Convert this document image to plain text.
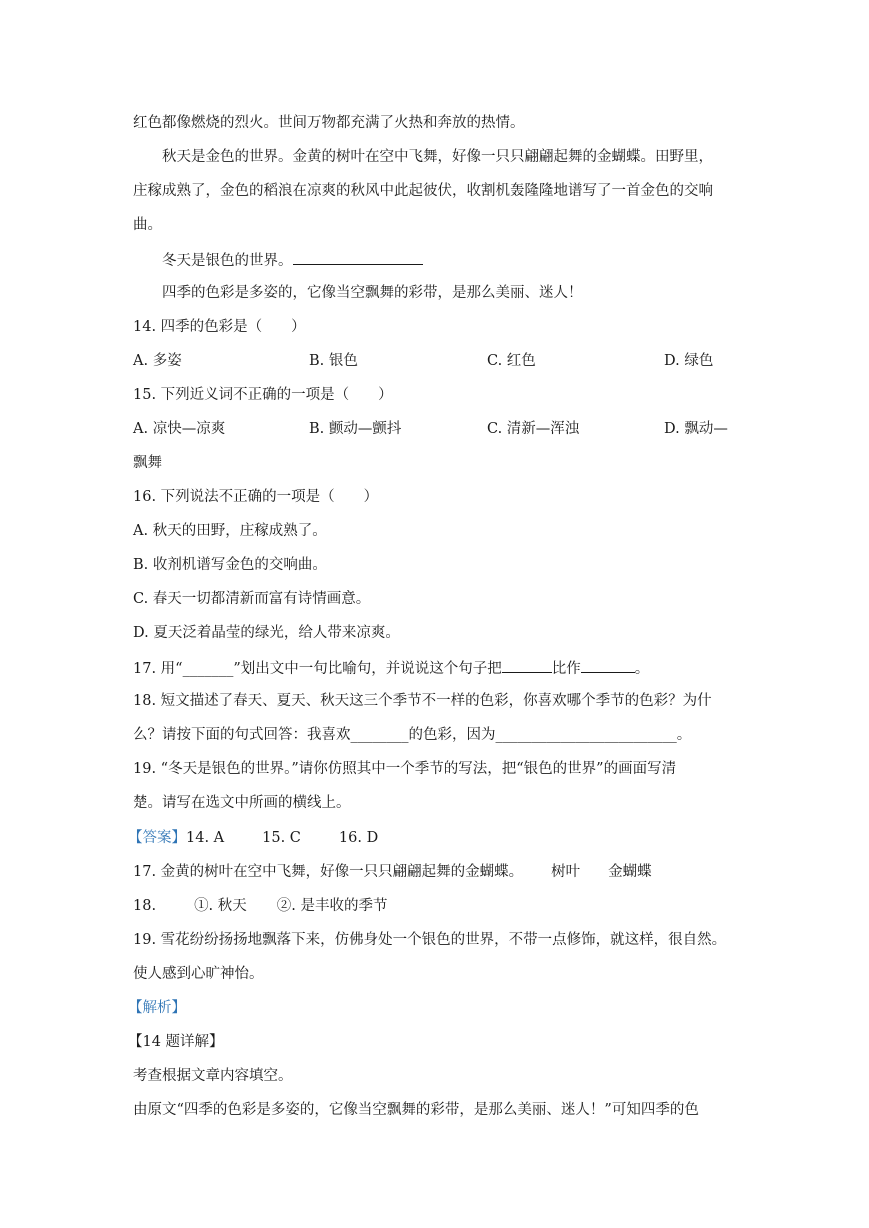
红色都像燃烧的烈火。世间万物都充满了火热和奔放的热情。
秋天是金色的世界。金黄的树叶在空中飞舞，好像一只只翩翩起舞的金蝴蝶。田野里，
庄稼成熟了，金色的稻浪在凉爽的秋风中此起彼伏，收割机轰隆隆地谱写了一首金色的交响
曲。
冬天是银色的世界。
四季的色彩是多姿的，它像当空飘舞的彩带，是那么美丽、迷人！
14. 四季的色彩是（　　）
A. 多姿	B. 银色	C. 红色	D. 绿色
15. 下列近义词不正确的一项是（　　）
A. 凉快—凉爽	B. 颤动—颤抖	C. 清新—浑浊	D. 飘动—
飘舞
16. 下列说法不正确的一项是（　　）
A. 秋天的田野，庄稼成熟了。
B. 收剂机谱写金色的交响曲。
C. 春天一切都清新而富有诗情画意。
D. 夏天泛着晶莹的绿光，给人带来凉爽。
17. 用“_______”划出文中一句比喻句，并说说这个句子把	比作	。
18. 短文描述了春天、夏天、秋天这三个季节不一样的色彩，你喜欢哪个季节的色彩？为什
么？请按下面的句式回答：我喜欢________的色彩，因为_________________________。
19. “冬天是银色的世界。”请你仿照其中一个季节的写法，把“银色的世界”的画面写清
楚。请写在选文中所画的横线上。
【答案】14. A	15. C	16. D
17. 金黄的树叶在空中飞舞，好像一只只翩翩起舞的金蝴蝶。 树叶 金蝴蝶
18.	①. 秋天 ②. 是丰收的季节
19. 雪花纷纷扬扬地飘落下来，仿佛身处一个银色的世界，不带一点修饰，就这样，很自然。
使人感到心旷神怡。
【解析】
【14 题详解】
考查根据文章内容填空。
由原文“四季的色彩是多姿的，它像当空飘舞的彩带，是那么美丽、迷人！”可知四季的色
